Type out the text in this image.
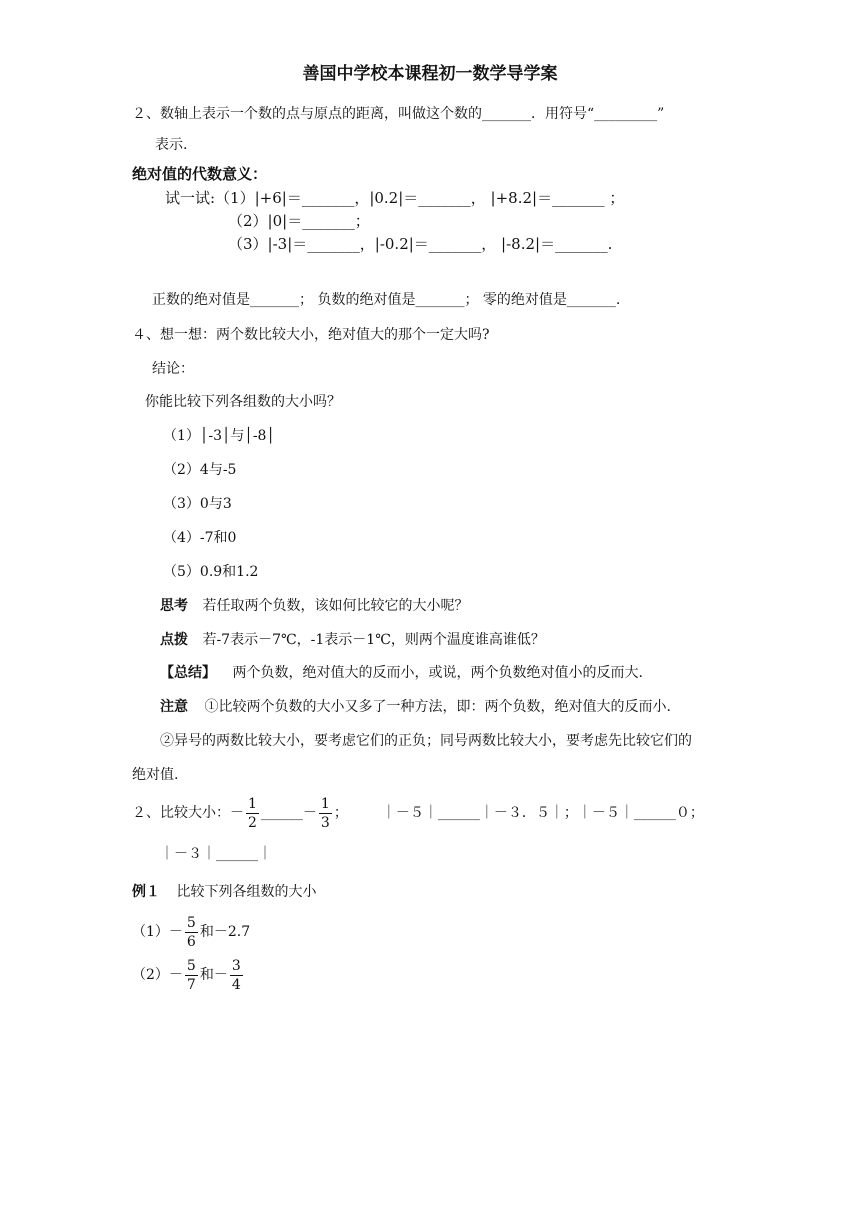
善国中学校本课程初一数学导学案
２、数轴上表示一个数的点与原点的距离，叫做这个数的_______．用符号“_________”
表示.
绝对值的代数意义：
试一试:（1）|+6|＝_______，|0.2|＝_______， |+8.2|＝_______ ；
（2）|0|＝_______；
（3）|-3|＝_______，|-0.2|＝_______， |-8.2|＝_______.
正数的绝对值是_______； 负数的绝对值是_______； 零的绝对值是_______.
４、想一想：两个数比较大小，绝对值大的那个一定大吗?
结论：
你能比较下列各组数的大小吗？
（1）│-3│与│-8│
（2）4与-5
（3）0与3
（4）-7和0
（5）0.9和1.2
思考 若任取两个负数，该如何比较它的大小呢？
点拨 若-7表示－7℃，-1表示－1℃，则两个温度谁高谁低？
【总结】 两个负数，绝对值大的反而小，或说，两个负数绝对值小的反而大.
注意 ①比较两个负数的大小又多了一种方法，即：两个负数，绝对值大的反而小.
②异号的两数比较大小，要考虑它们的正负；同号两数比较大小，要考虑先比较它们的
绝对值.
２、比较大小：－ $\frac{1}{2}$ ______－ $\frac{1}{3}$ ； ｜－５｜______｜－３．５｜；｜－５｜______０；
｜－３｜______｜
例１ 比较下列各组数的大小
$(1)- \frac{5}{6}$ 和－2.7
$(2)- \frac{5}{7}$ 和－ $\frac{3}{4}$
